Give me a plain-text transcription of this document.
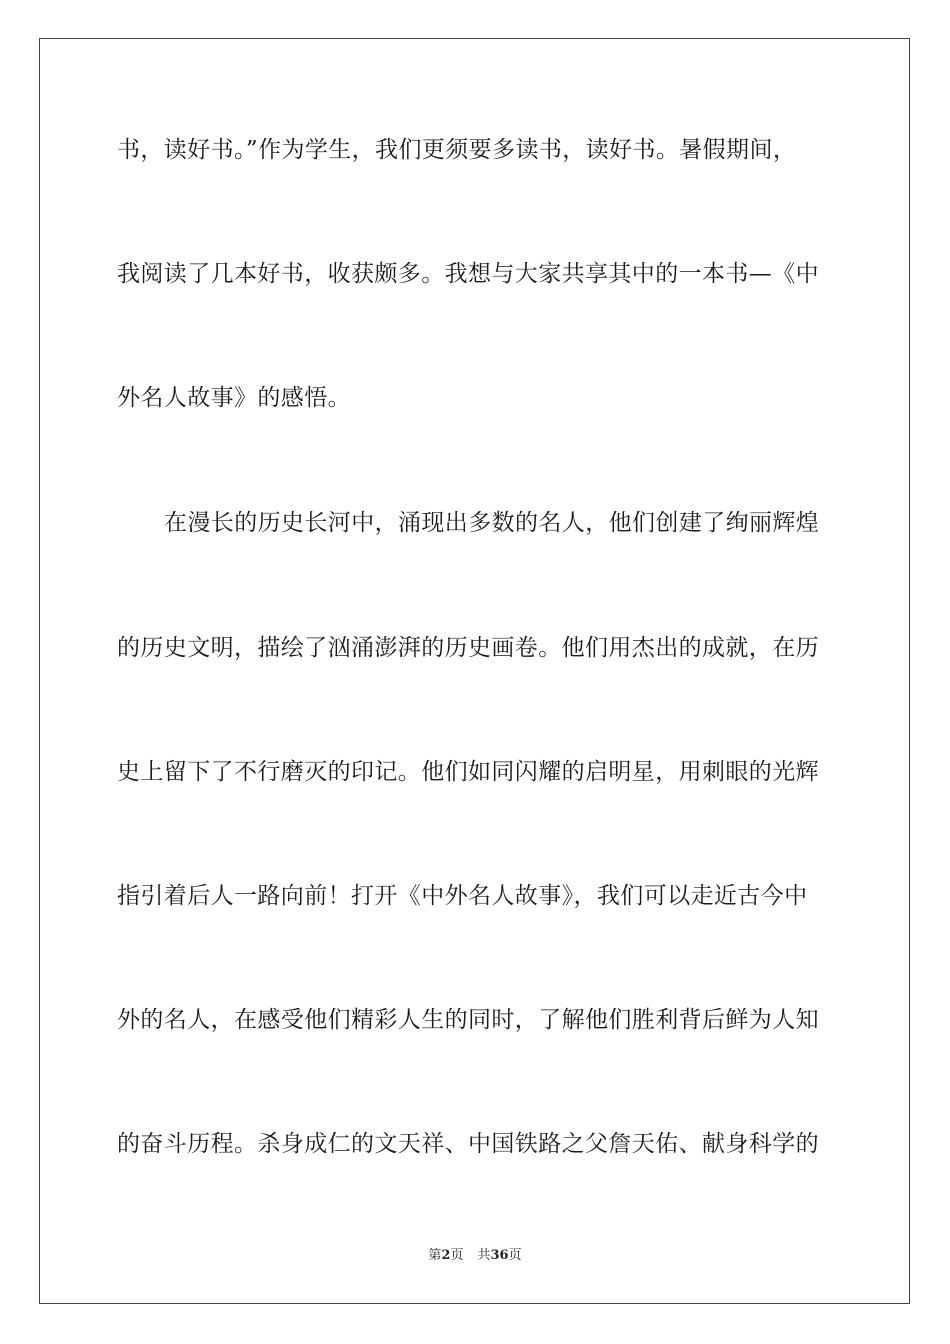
书，读好书。”作为学生，我们更须要多读书，读好书。暑假期间，
我阅读了几本好书，收获颇多。我想与大家共享其中的一本书—《中
外名人故事》的感悟。
在漫长的历史长河中，涌现出多数的名人，他们创建了绚丽辉煌
的历史文明，描绘了汹涌澎湃的历史画卷。他们用杰出的成就，在历
史上留下了不行磨灭的印记。他们如同闪耀的启明星，用刺眼的光辉
指引着后人一路向前！打开《中外名人故事》，我们可以走近古今中
外的名人，在感受他们精彩人生的同时，了解他们胜利背后鲜为人知
的奋斗历程。杀身成仁的文天祥、中国铁路之父詹天佑、献身科学的
第2页 共36页
